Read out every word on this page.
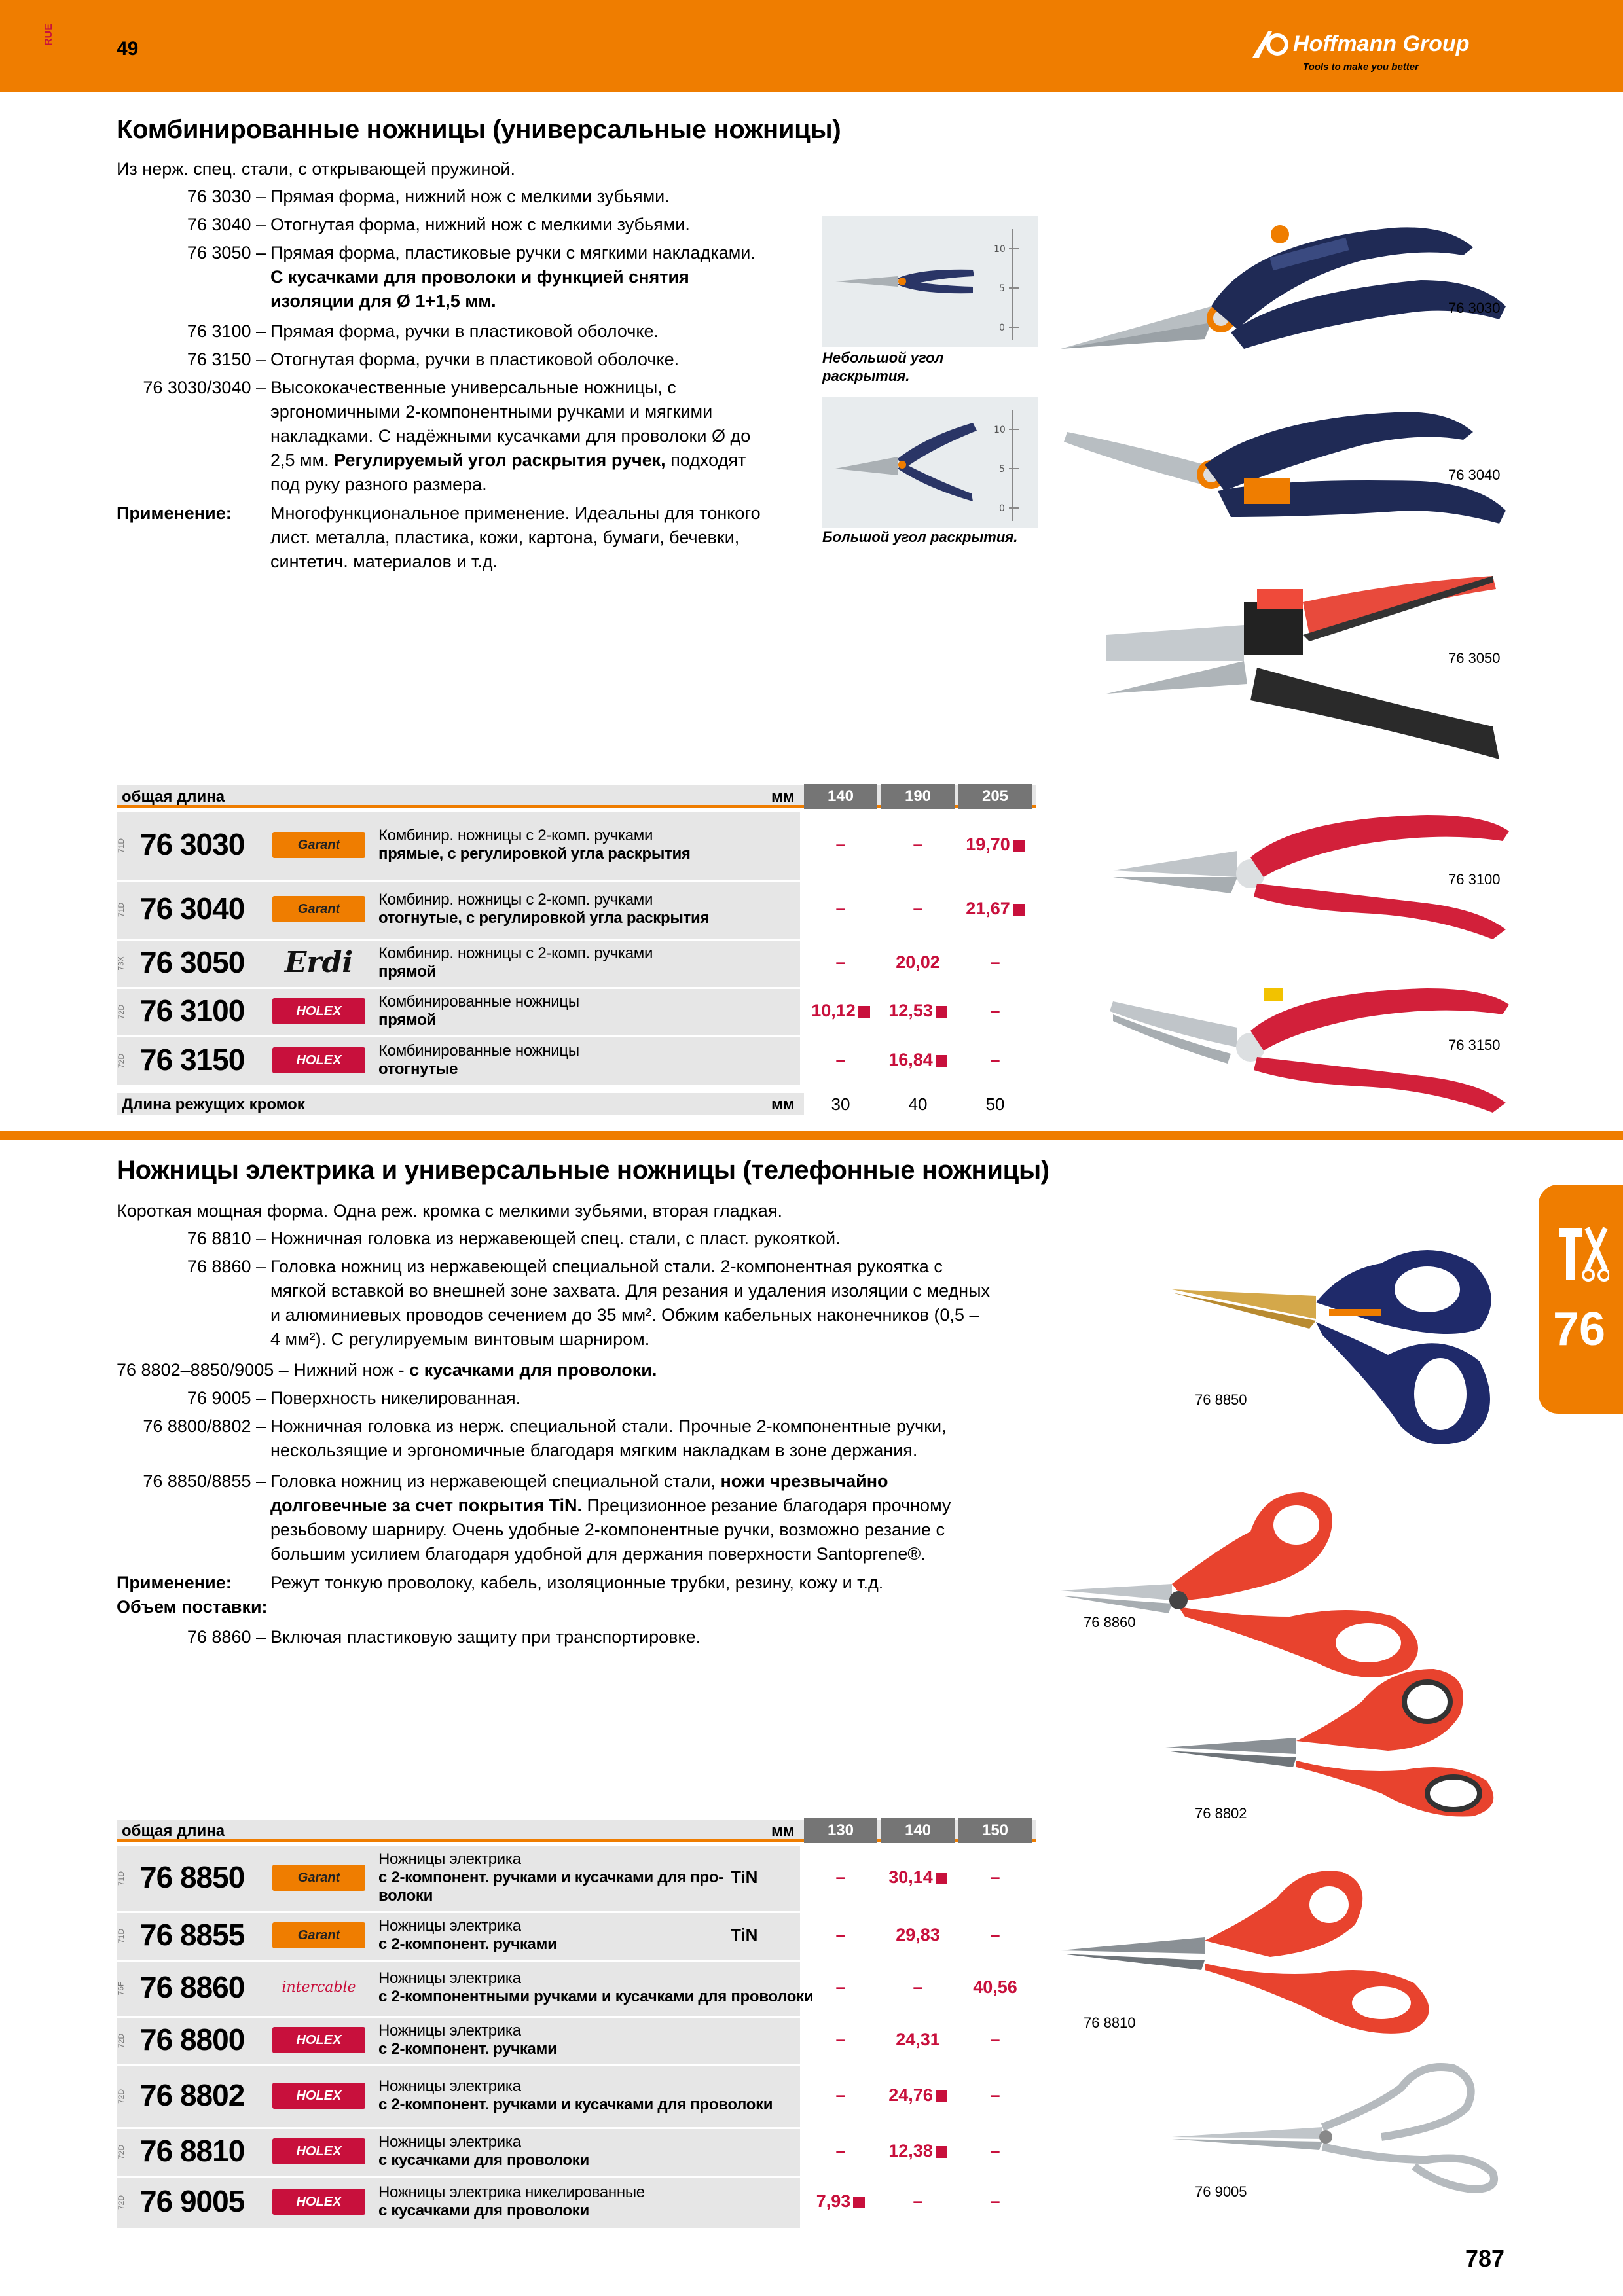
RUE
49	Hoffmann Group
Tools to make you better
Комбинированные ножницы (универсальные ножницы)
Из нерж. спец. стали, с открывающей пружиной.
76 3030 – Прямая форма, нижний нож с мелкими зубьями.
76 3040 – Отогнутая форма, нижний нож с мелкими зубьями.
76 3050 – Прямая форма, пластиковые ручки с мягкими накладками.
С кусачками для проволоки и функцией снятия
изоляции для Ø 1+1,5 мм.
76 3100 – Прямая форма, ручки в пластиковой оболочке.
76 3150 – Отогнутая форма, ручки в пластиковой оболочке.
76 3030/3040 – Высококачественные универсальные ножницы, с
эргономичными 2-компонентными ручками и мягкими
накладками. С надёжными кусачками для проволоки Ø до
2,5 мм. Регулируемый угол раскрытия ручек, подходят
под руку разного размера.
Применение: Многофункциональное применение. Идеальны для тонкого
лист. металла, пластика, кожи, картона, бумаги, бечевки,
синтетич. материалов и т.д.
10
5
0
Небольшой угол
раскрытия.
10
5
0
Большой угол раскрытия.
76 3030
76 3040
76 3050
76 3100
76 3150
общая длина	мм	140	190	205
71D 76 3030	Garant
Комбинир. ножницы с 2-комп. ручками
прямые, с регулировкой угла раскрытия	–	–	19,70
71D 76 3040	Garant
Комбинир. ножницы с 2-комп. ручками
отогнутые, с регулировкой угла раскрытия	–	–	21,67
73X 76 3050	Erdi	Комбинир. ножницы с 2-комп. ручками
прямой	–	20,02	–
72D 76 3100	HOLEX
Комбинированные ножницы
прямой	10,12	12,53	–
72D 76 3150	HOLEX
Комбинированные ножницы
отогнутые	–	16,84	–
Длина режущих кромок	мм	30	40	50
Ножницы электрика и универсальные ножницы (телефонные ножницы)
Короткая мощная форма. Одна реж. кромка с мелкими зубьями, вторая гладкая.
76 8810 – Ножничная головка из нержавеющей спец. стали, с пласт. рукояткой.
76 8860 – Головка ножниц из нержавеющей специальной стали. 2-компонентная рукоятка с
мягкой вставкой во внешней зоне захвата. Для резания и удаления изоляции с медных
и алюминиевых проводов сечением до 35 мм². Обжим кабельных наконечников (0,5 –
4 мм²). С регулируемым винтовым шарниром.
76 8802–8850/9005 – Нижний нож - с кусачками для проволоки.
76 9005 – Поверхность никелированная.
76 8800/8802 – Ножничная головка из нерж. специальной стали. Прочные 2-компонентные ручки,
нескользящие и эргономичные благодаря мягким накладкам в зоне держания.
76 8850/8855 – Головка ножниц из нержавеющей специальной стали, ножи чрезвычайно
долговечные за счет покрытия TiN. Прецизионное резание благодаря прочному
резьбовому шарниру. Очень удобные 2-компонентные ручки, возможно резание с
большим усилием благодаря удобной для держания поверхности Santoprene®.
Применение: Режут тонкую проволоку, кабель, изоляционные трубки, резину, кожу и т.д.
Объем поставки:
76 8860 – Включая пластиковую защиту при транспортировке.
76
76 8850
76 8860
76 8802
76 8810
76 9005
общая длина	мм	130	140	150
71D 76 8850	Garant
Ножницы электрика
с 2-компонент. ручками и кусачками для про-
волоки
TiN	–	30,14	–
71D 76 8855	Garant
Ножницы электрика
с 2-компонент. ручками	TiN	–	29,83	–
76F 76 8860	intercable
Ножницы электрика
с 2-компонентными ручками и кусачками для проволоки	–	–	40,56
72D 76 8800	HOLEX
Ножницы электрика
с 2-компонент. ручками	–	24,31	–
72D 76 8802	HOLEX
Ножницы электрика
с 2-компонент. ручками и кусачками для проволоки	–	24,76	–
72D 76 8810	HOLEX
Ножницы электрика
с кусачками для проволоки	–	12,38	–
72D 76 9005	HOLEX
Ножницы электрика никелированные
с кусачками для проволоки	7,93	–	–
787
